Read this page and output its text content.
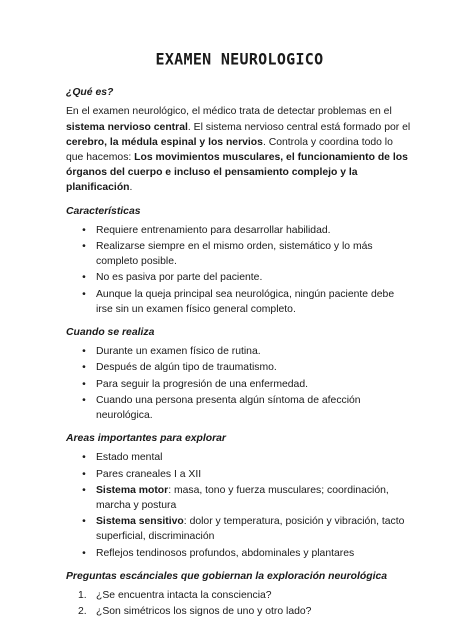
EXAMEN NEUROLOGICO
¿Qué es?

En el examen neurológico, el médico trata de detectar problemas en el sistema nervioso central. El sistema nervioso central está formado por el cerebro, la médula espinal y los nervios. Controla y coordina todo lo que hacemos: Los movimientos musculares, el funcionamiento de los órganos del cuerpo e incluso el pensamiento complejo y la planificación.

Características
• Requiere entrenamiento para desarrollar habilidad.
• Realizarse siempre en el mismo orden, sistemático y lo más completo posible.
• No es pasiva por parte del paciente.
• Aunque la queja principal sea neurológica, ningún paciente debe irse sin un examen físico general completo.
Cuando se realiza
• Durante un examen físico de rutina.
• Después de algún tipo de traumatismo.
• Para seguir la progresión de una enfermedad.
• Cuando una persona presenta algún síntoma de afección neurológica.
Areas importantes para explorar
• Estado mental
• Pares craneales I a XII
• Sistema motor: masa, tono y fuerza musculares; coordinación, marcha y postura
• Sistema sensitivo: dolor y temperatura, posición y vibración, tacto superficial, discriminación
• Reflejos tendinosos profundos, abdominales y plantares
Preguntas escánciales que gobiernan la exploración neurológica
1. ¿Se encuentra intacta la consciencia?
2. ¿Son simétricos los signos de uno y otro lado?
